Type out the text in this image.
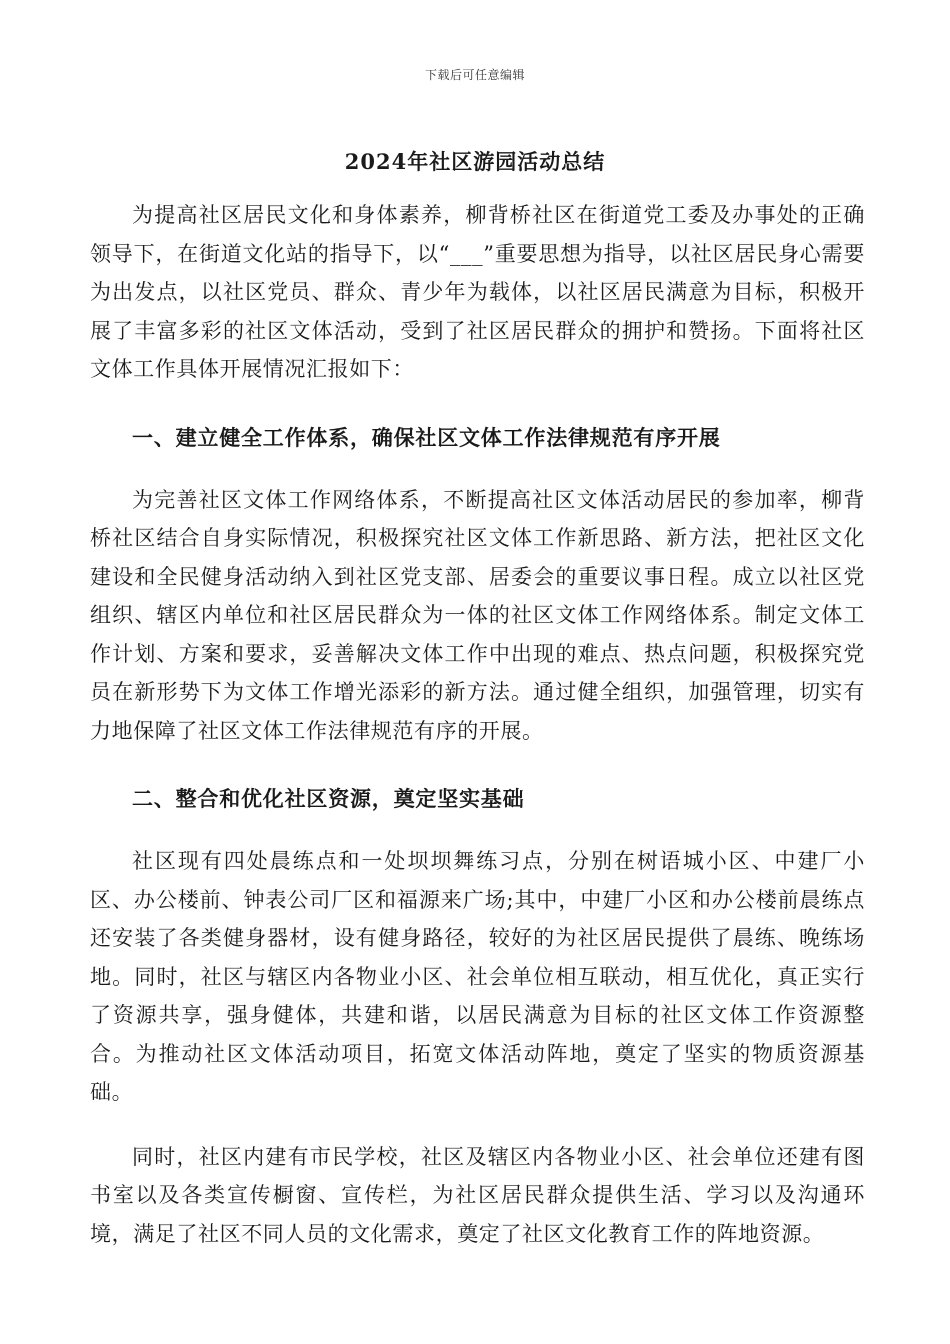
下载后可任意编辑
2024年社区游园活动总结

为提高社区居民文化和身体素养，柳背桥社区在街道党工委及办事处的正确领导下，在街道文化站的指导下，以“___”重要思想为指导，以社区居民身心需要为出发点，以社区党员、群众、青少年为载体，以社区居民满意为目标，积极开展了丰富多彩的社区文体活动，受到了社区居民群众的拥护和赞扬。下面将社区文体工作具体开展情况汇报如下：

一、建立健全工作体系，确保社区文体工作法律规范有序开展

为完善社区文体工作网络体系，不断提高社区文体活动居民的参加率，柳背桥社区结合自身实际情况，积极探究社区文体工作新思路、新方法，把社区文化建设和全民健身活动纳入到社区党支部、居委会的重要议事日程。成立以社区党组织、辖区内单位和社区居民群众为一体的社区文体工作网络体系。制定文体工作计划、方案和要求，妥善解决文体工作中出现的难点、热点问题，积极探究党员在新形势下为文体工作增光添彩的新方法。通过健全组织，加强管理，切实有力地保障了社区文体工作法律规范有序的开展。

二、整合和优化社区资源，奠定坚实基础

社区现有四处晨练点和一处坝坝舞练习点，分别在树语城小区、中建厂小区、办公楼前、钟表公司厂区和福源来广场;其中，中建厂小区和办公楼前晨练点还安装了各类健身器材，设有健身路径，较好的为社区居民提供了晨练、晚练场地。同时，社区与辖区内各物业小区、社会单位相互联动，相互优化，真正实行了资源共享，强身健体，共建和谐，以居民满意为目标的社区文体工作资源整合。为推动社区文体活动项目，拓宽文体活动阵地，奠定了坚实的物质资源基础。

同时，社区内建有市民学校，社区及辖区内各物业小区、社会单位还建有图书室以及各类宣传橱窗、宣传栏，为社区居民群众提供生活、学习以及沟通环境，满足了社区不同人员的文化需求，奠定了社区文化教育工作的阵地资源。
